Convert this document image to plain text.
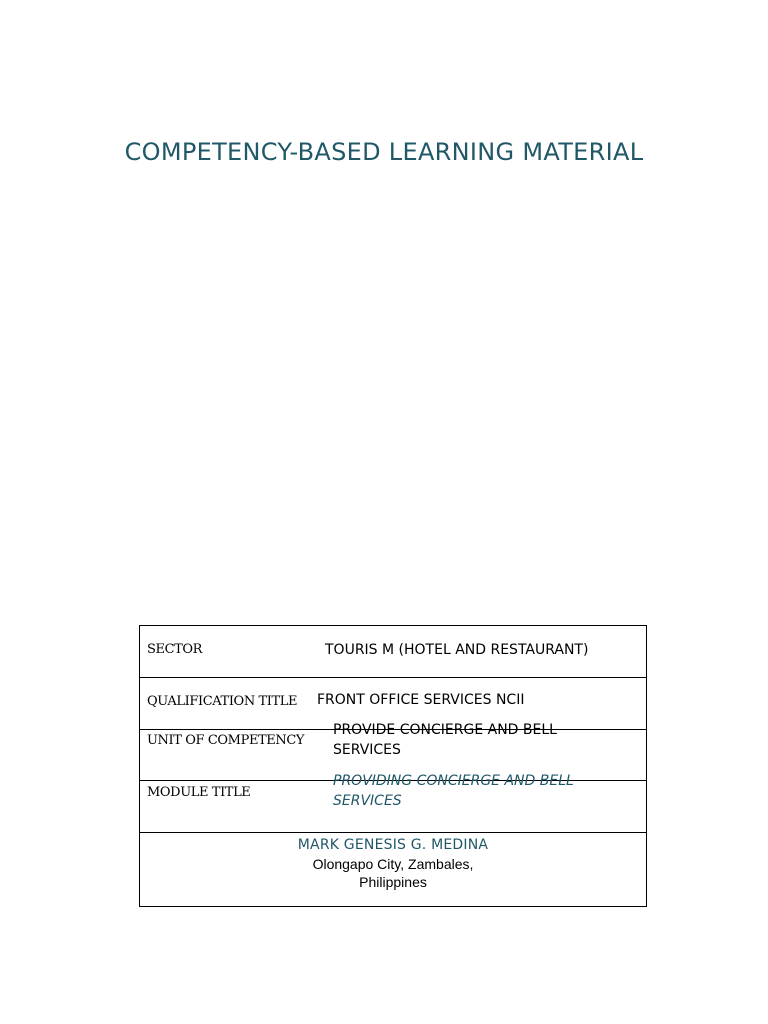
COMPETENCY-BASED LEARNING MATERIAL
SECTOR	TOURIS M (HOTEL AND RESTAURANT)
QUALIFICATION TITLE FRONT OFFICE SERVICES NCII
UNIT OF COMPETENCY
PROVIDE CONCIERGE AND BELL SERVICES
MODULE TITLE
PROVIDING CONCIERGE AND BELL SERVICES
MARK GENESIS G. MEDINA
Olongapo City, Zambales,
Philippines
